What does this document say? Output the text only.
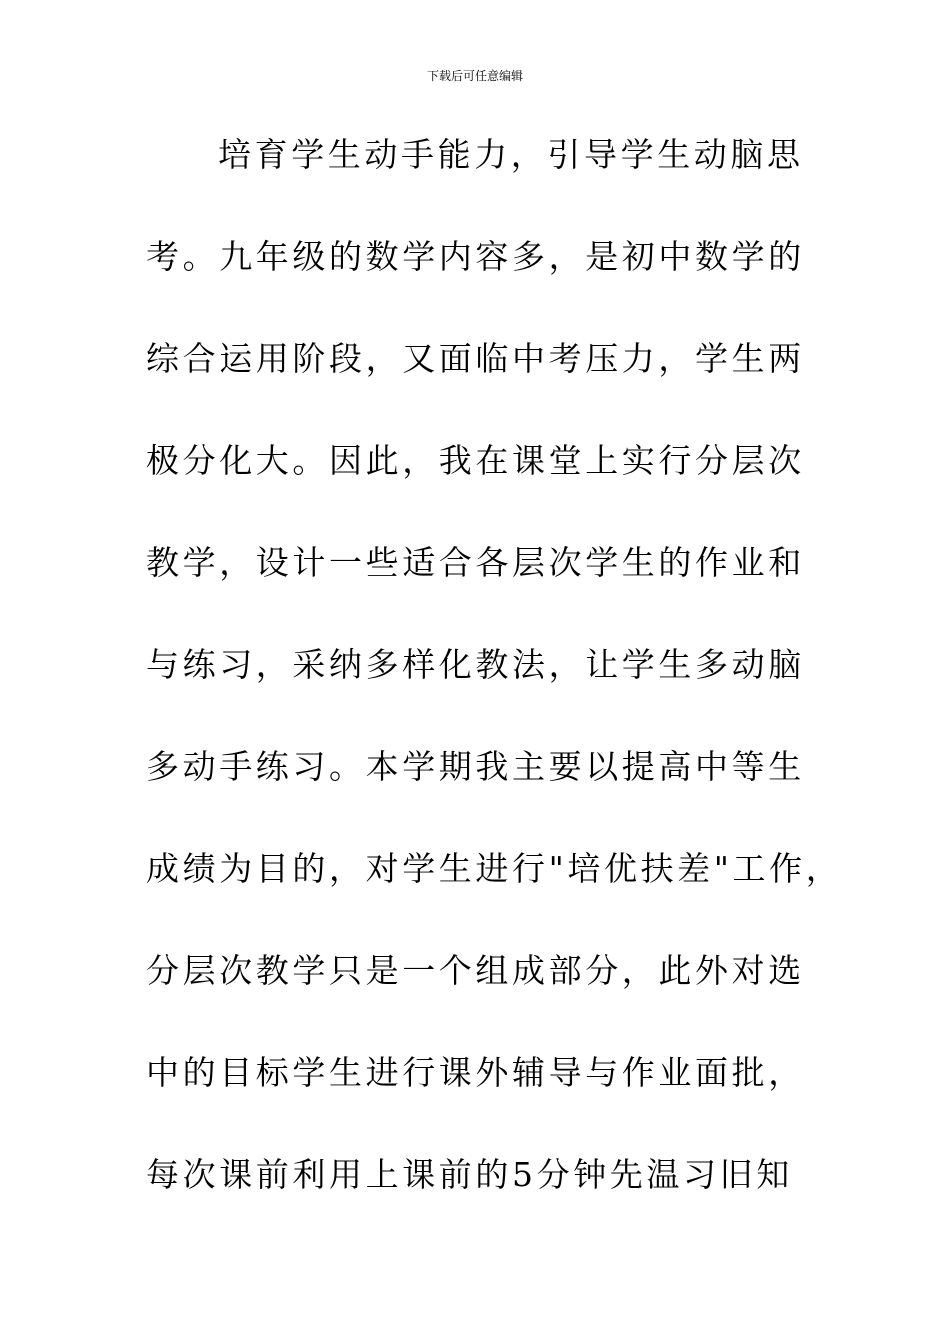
下载后可任意编辑
培育学生动手能力，引导学生动脑思
考。九年级的数学内容多，是初中数学的
综合运用阶段，又面临中考压力，学生两
极分化大。因此，我在课堂上实行分层次
教学，设计一些适合各层次学生的作业和
与练习，采纳多样化教法，让学生多动脑
多动手练习。本学期我主要以提高中等生
成绩为目的，对学生进行"培优扶差"工作，
分层次教学只是一个组成部分，此外对选
中的目标学生进行课外辅导与作业面批，
每次课前利用上课前的5分钟先温习旧知
